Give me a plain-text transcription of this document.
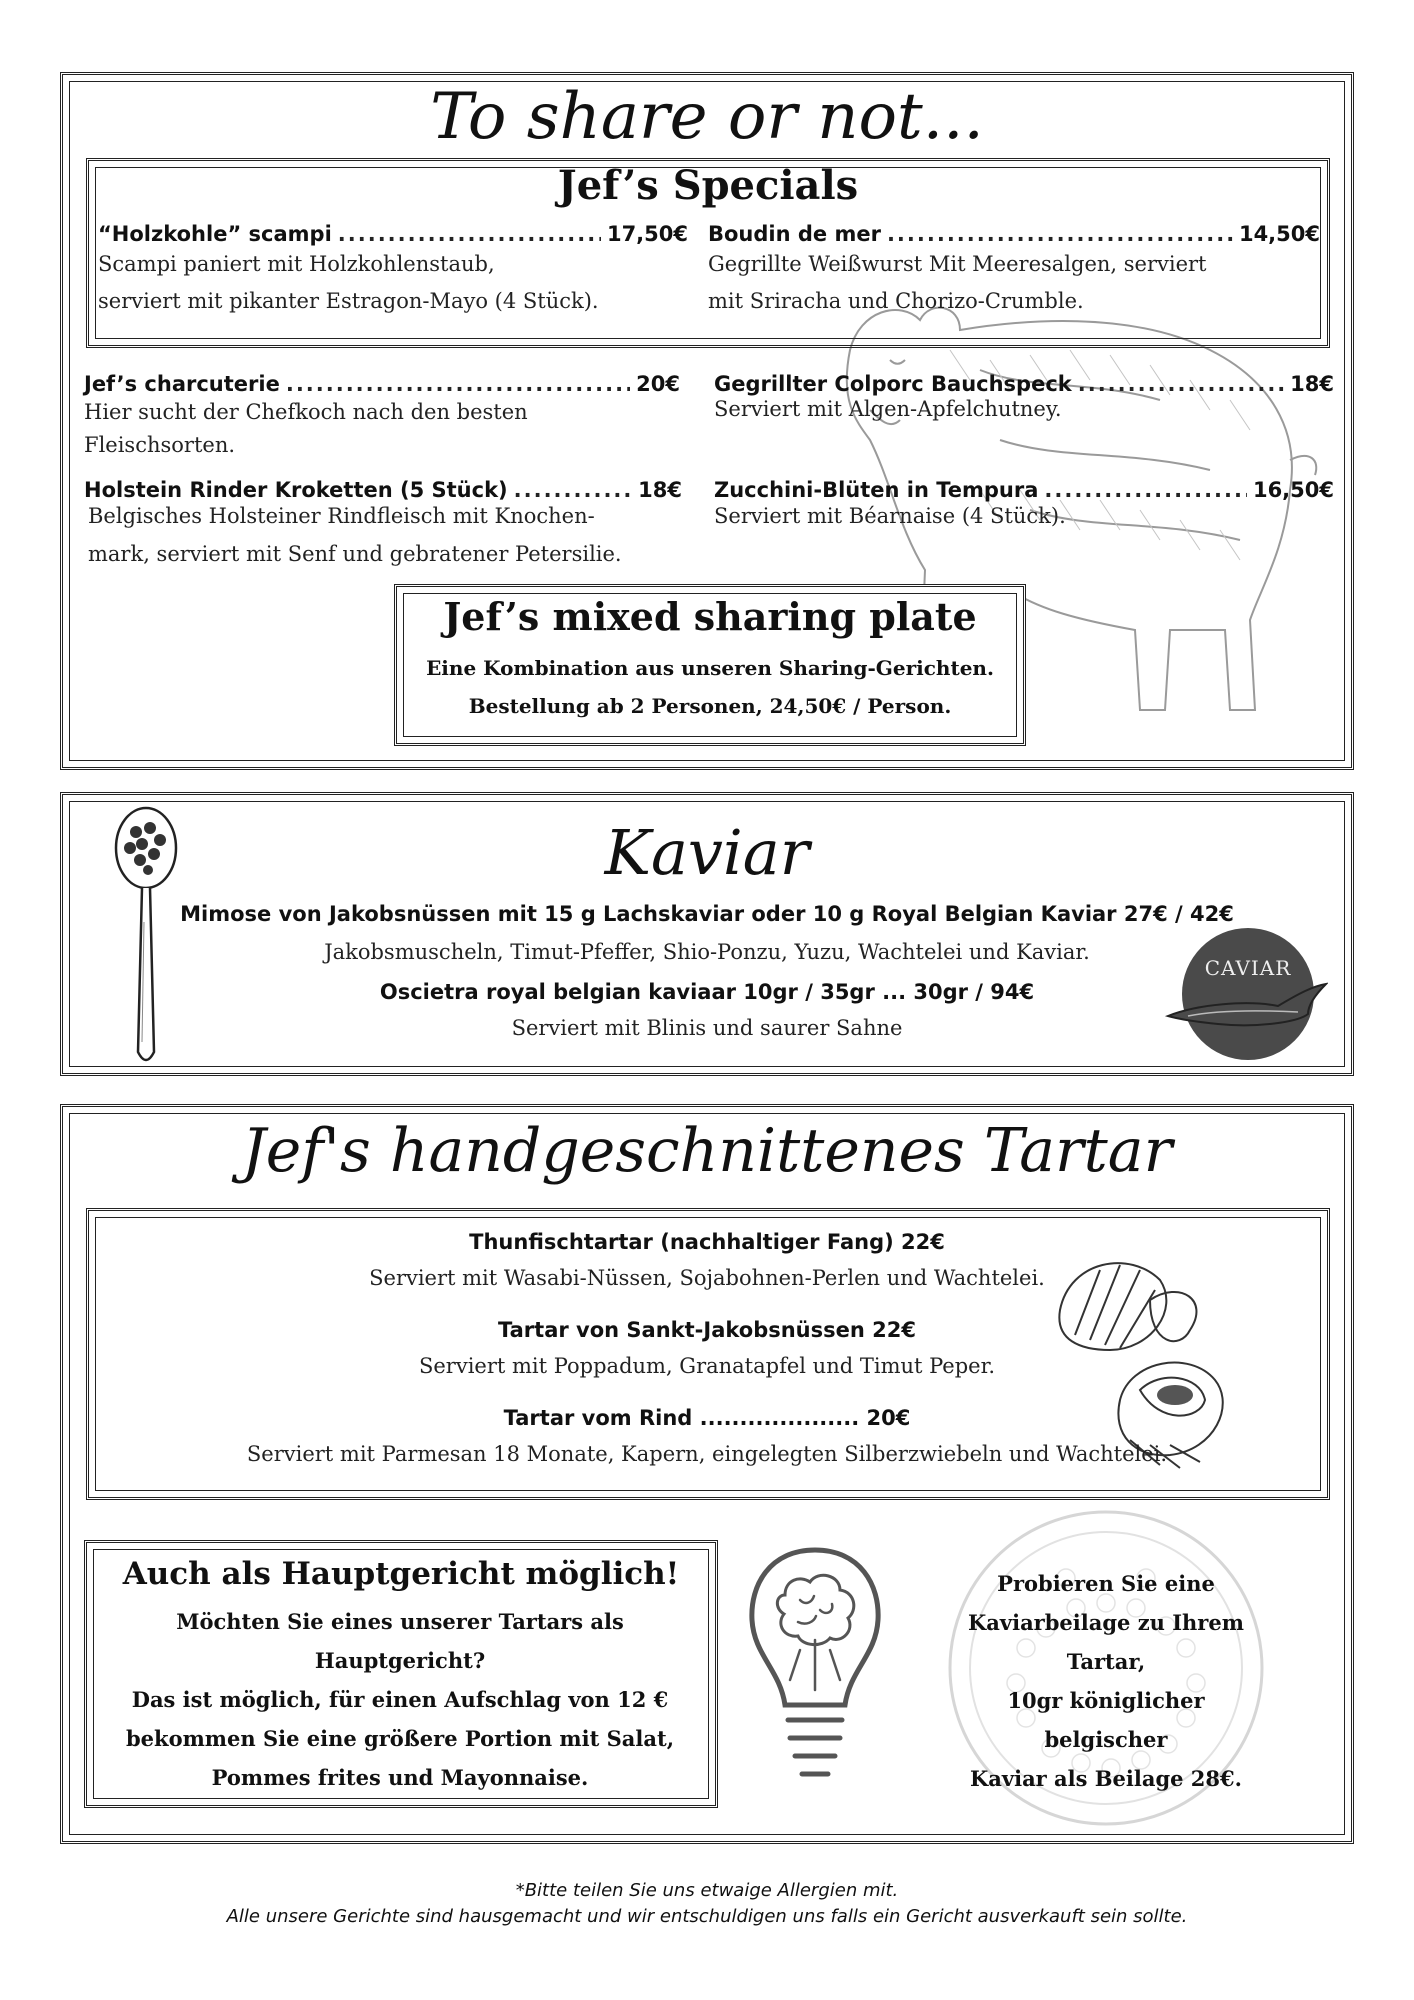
To share or not...
Jef’s Specials
“Holzkohle” scampi .....	17,50€
Scampi paniert mit Holzkohlenstaub,
serviert mit pikanter Estragon-Mayo (4 Stück).
Boudin de mer .....	14,50€
Gegrillte Weißwurst Mit Meeresalgen, serviert
mit Sriracha und Chorizo-Crumble.
Jef’s charcuterie .....	20€
Hier sucht der Chefkoch nach den besten
Fleischsorten.
Gegrillter Colporc Bauchspeck .....	18€
Serviert mit Algen-Apfelchutney.
Holstein Rinder Kroketten (5 Stück) .....	18€
Belgisches Holsteiner Rindfleisch mit Knochen-
mark, serviert mit Senf und gebratener Petersilie.
Zucchini-Blüten in Tempura .....	16,50€
Serviert mit Béarnaise (4 Stück).
Jef’s mixed sharing plate
Eine Kombination aus unseren Sharing-Gerichten.
Bestellung ab 2 Personen, 24,50€ / Person.
Kaviar
Mimose von Jakobsnüssen mit 15 g Lachskaviar oder 10 g Royal Belgian Kaviar 27€ / 42€
Jakobsmuscheln, Timut-Pfeffer, Shio-Ponzu, Yuzu, Wachtelei und Kaviar.
Oscietra royal belgian kaviaar 10gr / 35gr ... 30gr / 94€
Serviert mit Blinis und saurer Sahne
CAVIAR
Jef's handgeschnittenes Tartar
Thunfischtartar (nachhaltiger Fang) 22€
Serviert mit Wasabi-Nüssen, Sojabohnen-Perlen und Wachtelei.
Tartar von Sankt-Jakobsnüssen 22€
Serviert mit Poppadum, Granatapfel und Timut Peper.
Tartar vom Rind .................... 20€
Serviert mit Parmesan 18 Monate, Kapern, eingelegten Silberzwiebeln und Wachtelei.
Auch als Hauptgericht möglich!
Möchten Sie eines unserer Tartars als
Hauptgericht?
Das ist möglich, für einen Aufschlag von 12 €
bekommen Sie eine größere Portion mit Salat,
Pommes frites und Mayonnaise.
Probieren Sie eine
Kaviarbeilage zu Ihrem
Tartar,
10gr königlicher belgischer
Kaviar als Beilage 28€.
*Bitte teilen Sie uns etwaige Allergien mit.
Alle unsere Gerichte sind hausgemacht und wir entschuldigen uns falls ein Gericht ausverkauft sein sollte.
